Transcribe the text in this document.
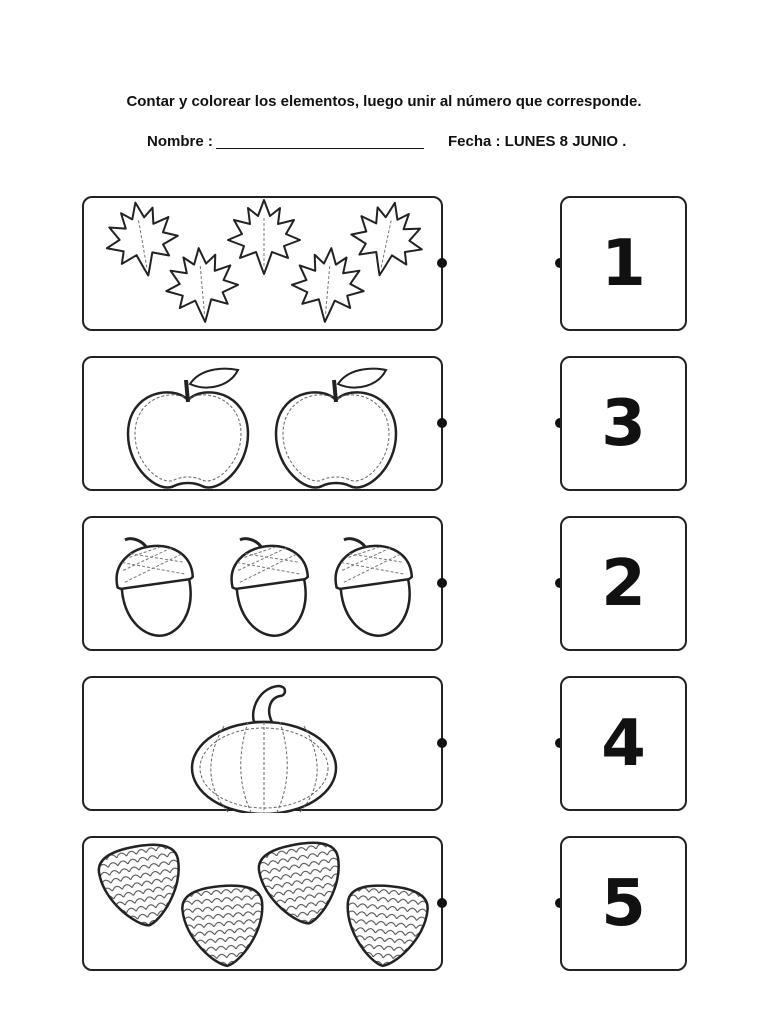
Contar y colorear los elementos, luego unir al número que corresponde.
Nombre :	Fecha : LUNES 8 JUNIO .
1
3
2
4
5
